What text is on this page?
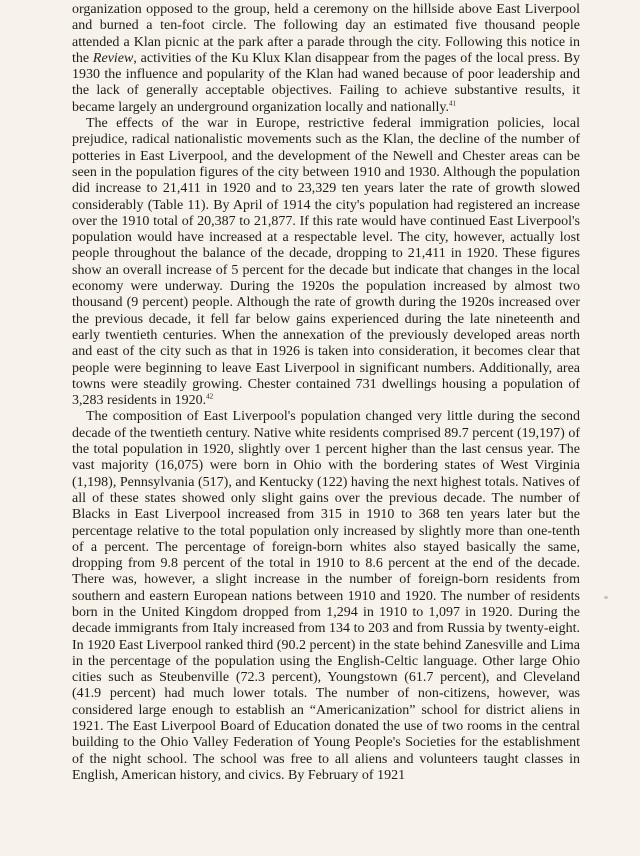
organization opposed to the group, held a ceremony on the hillside above East Liverpool and burned a ten-foot circle. The following day an estimated five thousand people attended a Klan picnic at the park after a parade through the city. Following this notice in the Review, activities of the Ku Klux Klan disappear from the pages of the local press. By 1930 the influence and popularity of the Klan had waned because of poor leadership and the lack of generally acceptable objectives. Failing to achieve substantive results, it became largely an underground organization locally and nationally.$^{41}$

The effects of the war in Europe, restrictive federal immigration policies, local prejudice, radical nationalistic movements such as the Klan, the decline of the number of potteries in East Liverpool, and the development of the Newell and Chester areas can be seen in the population figures of the city between 1910 and 1930. Although the population did increase to 21,411 in 1920 and to 23,329 ten years later the rate of growth slowed considerably (Table 11). By April of 1914 the city's population had registered an increase over the 1910 total of 20,387 to 21,877. If this rate would have continued East Liverpool's population would have increased at a respectable level. The city, however, actually lost people throughout the balance of the decade, dropping to 21,411 in 1920. These figures show an overall increase of 5 percent for the decade but indicate that changes in the local economy were underway. During the 1920s the population increased by almost two thousand (9 percent) people. Although the rate of growth during the 1920s increased over the previous decade, it fell far below gains experienced during the late nineteenth and early twentieth centuries. When the annexation of the previously developed areas north and east of the city such as that in 1926 is taken into consideration, it becomes clear that people were beginning to leave East Liverpool in significant numbers. Additionally, area towns were steadily growing. Chester contained 731 dwellings housing a population of 3,283 residents in 1920.42

The composition of East Liverpool's population changed very little during the second decade of the twentieth century. Native white residents comprised 89.7 percent (19,197) of the total population in 1920, slightly over 1 percent higher than the last census year. The vast majority (16,075) were born in Ohio with the bordering states of West Virginia (1,198), Pennsylvania (517), and Kentucky (122) having the next highest totals. Natives of all of these states showed only slight gains over the previous decade. The number of Blacks in East Liverpool increased from 315 in 1910 to 368 ten years later but the percentage relative to the total population only increased by slightly more than one-tenth of a percent. The percentage of foreign-born whites also stayed basically the same, dropping from 9.8 percent of the total in 1910 to 8.6 percent at the end of the decade. There was, however, a slight increase in the number of foreign-born residents from southern and eastern European nations between 1910 and 1920. The number of residents born in the United Kingdom dropped from 1,294 in 1910 to 1,097 in 1920. During the decade immigrants from Italy increased from 134 to 203 and from Russia by twenty-eight. In 1920 East Liverpool ranked third (90.2 percent) in the state behind Zanesville and Lima in the percentage of the population using the English-Celtic language. Other large Ohio cities such as Steubenville (72.3 percent), Youngstown (61.7 percent), and Cleveland (41.9 percent) had much lower totals. The number of non-citizens, however, was considered large enough to establish an “Americanization” school for district aliens in 1921. The East Liverpool Board of Education donated the use of two rooms in the central building to the Ohio Valley Federation of Young People's Societies for the establishment of the night school. The school was free to all aliens and volunteers taught classes in English, American history, and civics. By February of 1921
